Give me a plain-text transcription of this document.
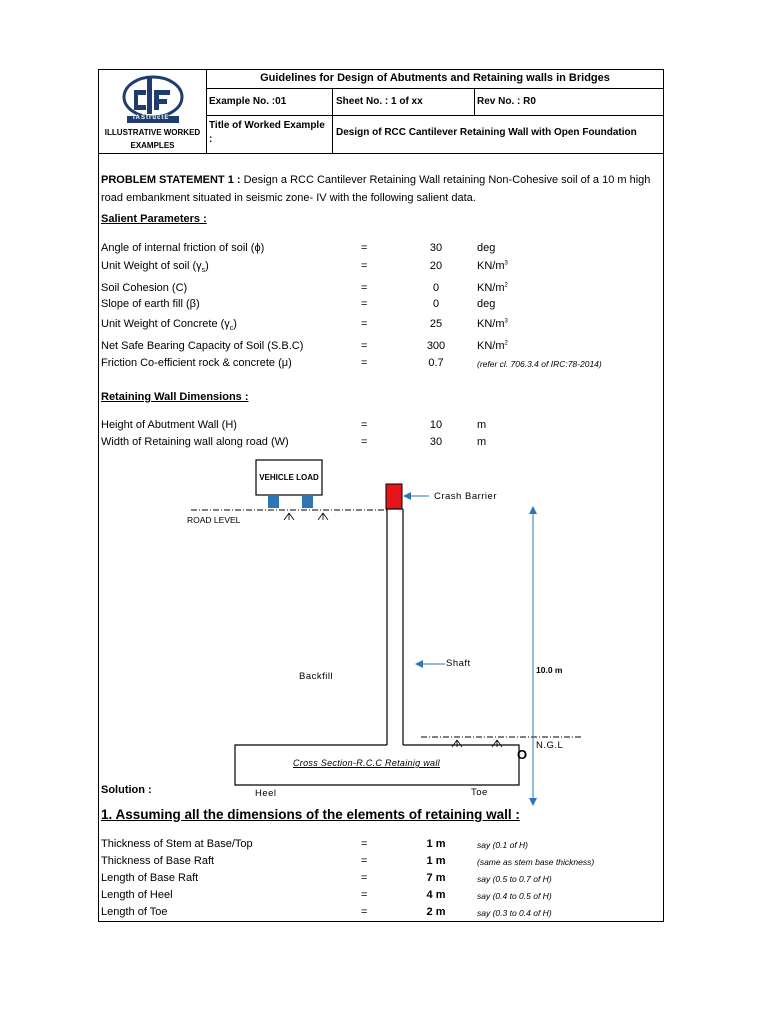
IAStructE
ILLUSTRATIVE WORKED
EXAMPLES
Guidelines for Design of Abutments and Retaining walls in Bridges
Example No. :01	Sheet No. : 1 of xx	Rev No. : R0
Title of Worked Example
:
Design of RCC Cantilever Retaining Wall with Open Foundation
PROBLEM STATEMENT 1 : Design a RCC Cantilever Retaining Wall retaining Non-Cohesive soil of a 10 m high
road embankment situated in seismic zone- IV with the following salient data.
Salient Parameters :
Angle of internal friction of soil (ϕ)	=	30	deg
Unit Weight of soil $(\gamma_s)$	=	20	$KN/m^3$
Soil Cohesion (C)	=	0	$KN/m^2$
Slope of earth fill (β)	=	0	deg
Unit Weight of Concrete $(\gamma_c)$	=	25	$KN/m^3$
Net Safe Bearing Capacity of Soil (S.B.C)	=	300	$KN/m^2$
Friction Co-efficient rock & concrete (μ)	=	0.7	(refer cl. 706.3.4 of IRC:78-2014)
Retaining Wall Dimensions :
Height of Abutment Wall (H)	=	10	m
Width of Retaining wall along road (W)	=	30	m
VEHICLE LOAD
ROAD LEVEL
Crash Barrier
Shaft
Backfill
N.G.L
10.0 m
Heel	Toe
O
Cross Section-R.C.C Retainig wall
Solution :
1. Assuming all the dimensions of the elements of retaining wall :
Thickness of Stem at Base/Top	=	1 m	say (0.1 of H)
Thickness of Base Raft	=	1 m	(same as stem base thickness)
Length of Base Raft	=	7 m	say (0.5 to 0.7 of H)
Length of Heel	=	4 m	say (0.4 to 0.5 of H)
Length of Toe	=	2 m	say (0.3 to 0.4 of H)
